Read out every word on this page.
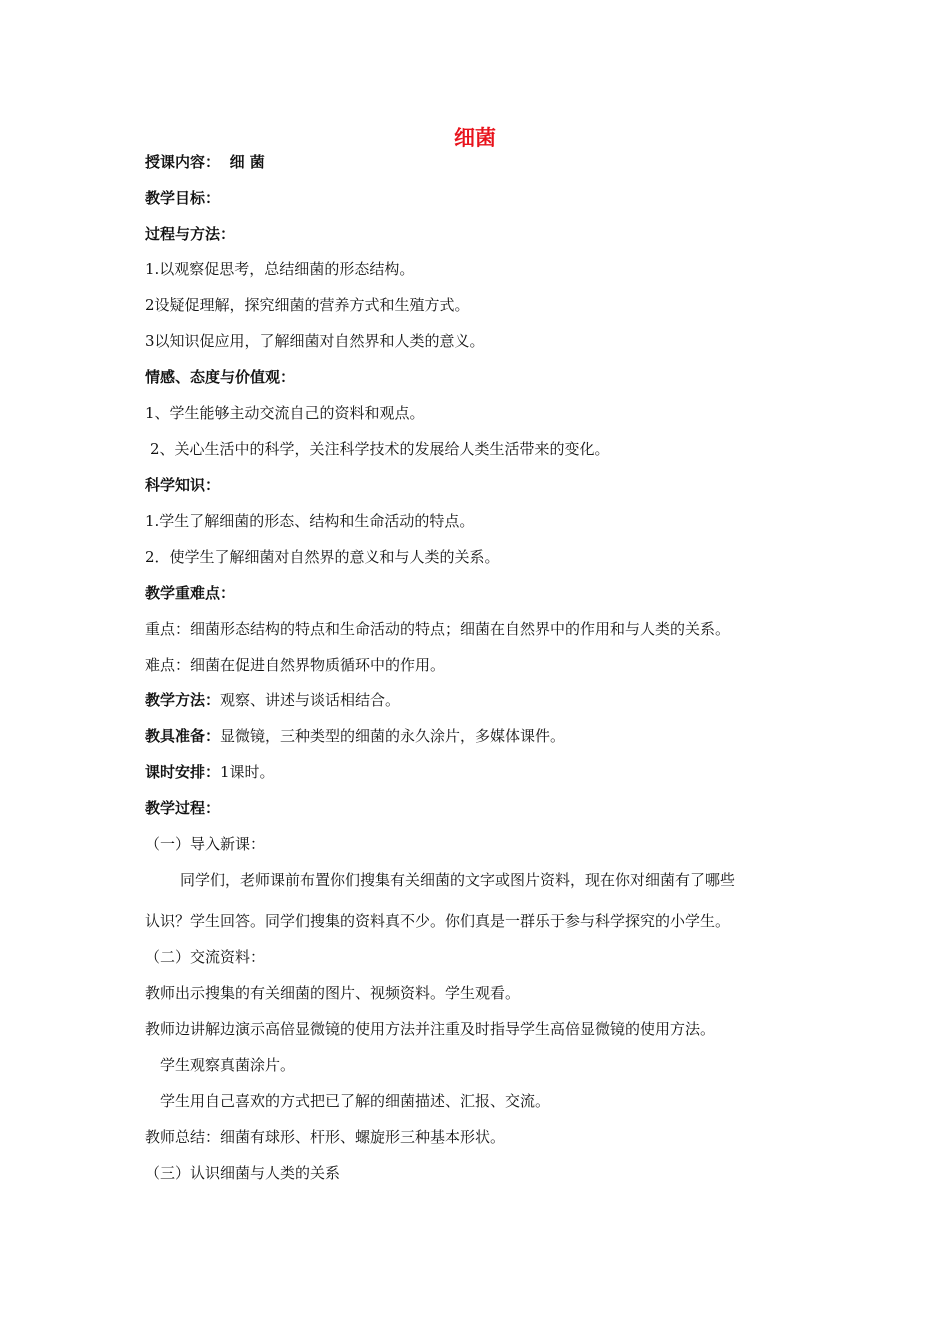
细菌

授课内容： 细 菌

教学目标：

过程与方法：

1.以观察促思考，总结细菌的形态结构。

2设疑促理解，探究细菌的营养方式和生殖方式。

3以知识促应用，了解细菌对自然界和人类的意义。

情感、态度与价值观：

1、学生能够主动交流自己的资料和观点。

2、关心生活中的科学，关注科学技术的发展给人类生活带来的变化。

科学知识：

1.学生了解细菌的形态、结构和生命活动的特点。

2．使学生了解细菌对自然界的意义和与人类的关系。

教学重难点：

重点：细菌形态结构的特点和生命活动的特点；细菌在自然界中的作用和与人类的关系。

难点：细菌在促进自然界物质循环中的作用。

教学方法：观察、讲述与谈话相结合。

教具准备：显微镜，三种类型的细菌的永久涂片，多媒体课件。

课时安排：1课时。

教学过程：

（一）导入新课：

同学们，老师课前布置你们搜集有关细菌的文字或图片资料，现在你对细菌有了哪些

认识？学生回答。同学们搜集的资料真不少。你们真是一群乐于参与科学探究的小学生。

（二）交流资料：

教师出示搜集的有关细菌的图片、视频资料。学生观看。

教师边讲解边演示高倍显微镜的使用方法并注重及时指导学生高倍显微镜的使用方法。

学生观察真菌涂片。

学生用自己喜欢的方式把已了解的细菌描述、汇报、交流。

教师总结：细菌有球形、杆形、螺旋形三种基本形状。

（三）认识细菌与人类的关系
